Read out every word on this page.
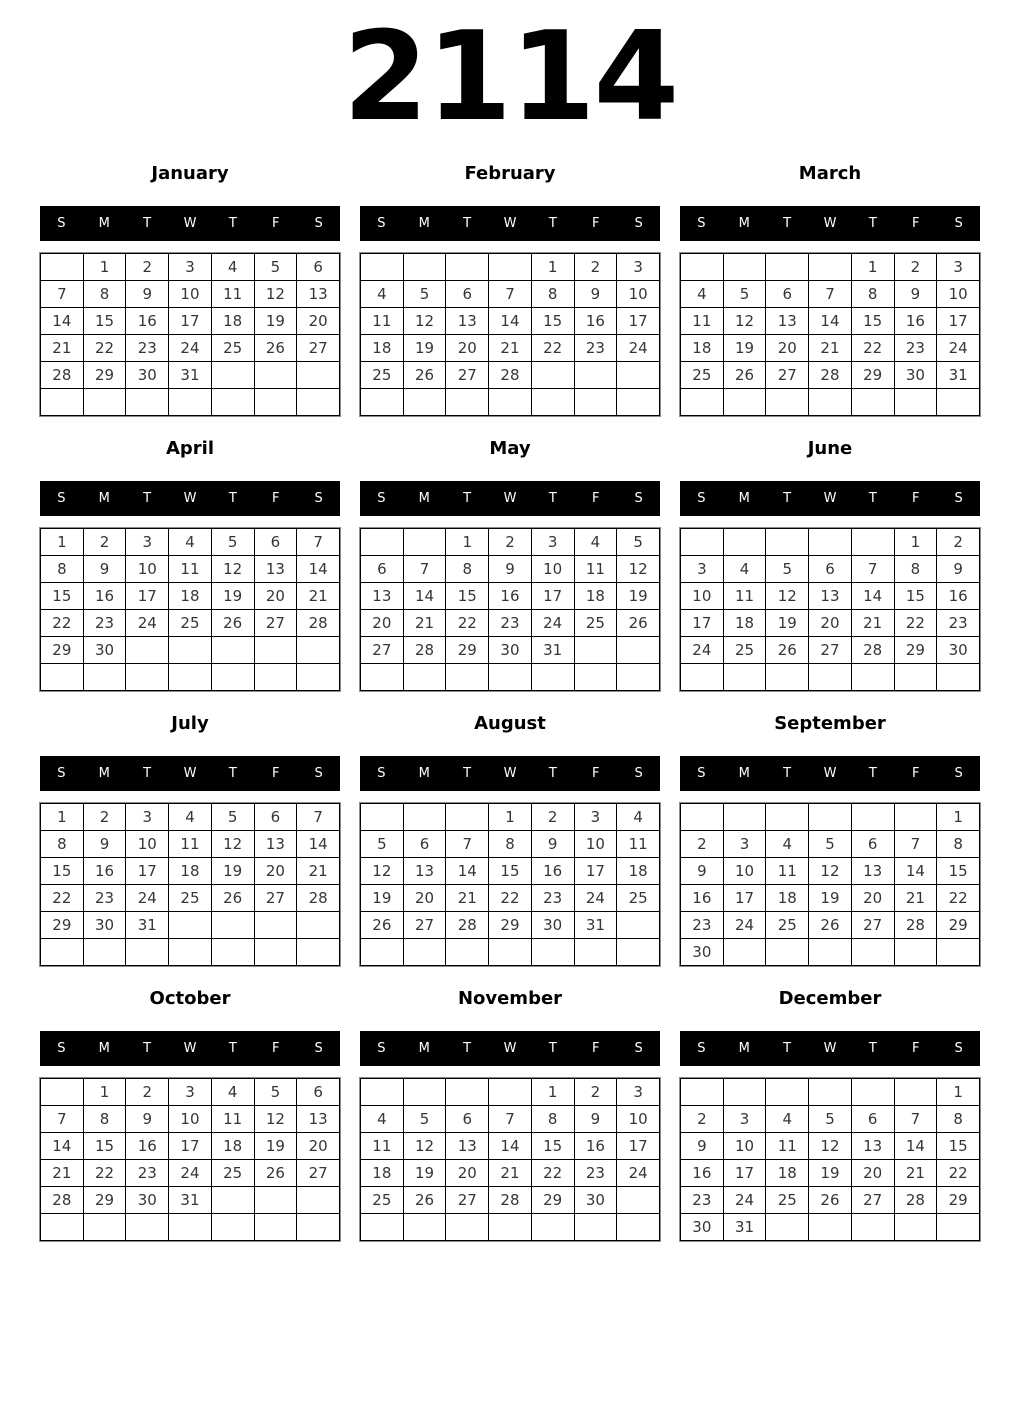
2114
January
S	M	T	W	T	F	S
	1	2	3	4	5	6
7	8	9	10	11	12	13
14	15	16	17	18	19	20
21	22	23	24	25	26	27
28	29	30	31			

February
S	M	T	W	T	F	S
				1	2	3
4	5	6	7	8	9	10
11	12	13	14	15	16	17
18	19	20	21	22	23	24
25	26	27	28			

March
S	M	T	W	T	F	S
				1	2	3
4	5	6	7	8	9	10
11	12	13	14	15	16	17
18	19	20	21	22	23	24
25	26	27	28	29	30	31

April
S	M	T	W	T	F	S
1	2	3	4	5	6	7
8	9	10	11	12	13	14
15	16	17	18	19	20	21
22	23	24	25	26	27	28
29	30					

May
S	M	T	W	T	F	S
		1	2	3	4	5
6	7	8	9	10	11	12
13	14	15	16	17	18	19
20	21	22	23	24	25	26
27	28	29	30	31		

June
S	M	T	W	T	F	S
					1	2
3	4	5	6	7	8	9
10	11	12	13	14	15	16
17	18	19	20	21	22	23
24	25	26	27	28	29	30

July
S	M	T	W	T	F	S
1	2	3	4	5	6	7
8	9	10	11	12	13	14
15	16	17	18	19	20	21
22	23	24	25	26	27	28
29	30	31				

August
S	M	T	W	T	F	S
			1	2	3	4
5	6	7	8	9	10	11
12	13	14	15	16	17	18
19	20	21	22	23	24	25
26	27	28	29	30	31	

September
S	M	T	W	T	F	S
						1
2	3	4	5	6	7	8
9	10	11	12	13	14	15
16	17	18	19	20	21	22
23	24	25	26	27	28	29
30						
October
S	M	T	W	T	F	S
	1	2	3	4	5	6
7	8	9	10	11	12	13
14	15	16	17	18	19	20
21	22	23	24	25	26	27
28	29	30	31			

November
S	M	T	W	T	F	S
				1	2	3
4	5	6	7	8	9	10
11	12	13	14	15	16	17
18	19	20	21	22	23	24
25	26	27	28	29	30	

December
S	M	T	W	T	F	S
						1
2	3	4	5	6	7	8
9	10	11	12	13	14	15
16	17	18	19	20	21	22
23	24	25	26	27	28	29
30	31					
